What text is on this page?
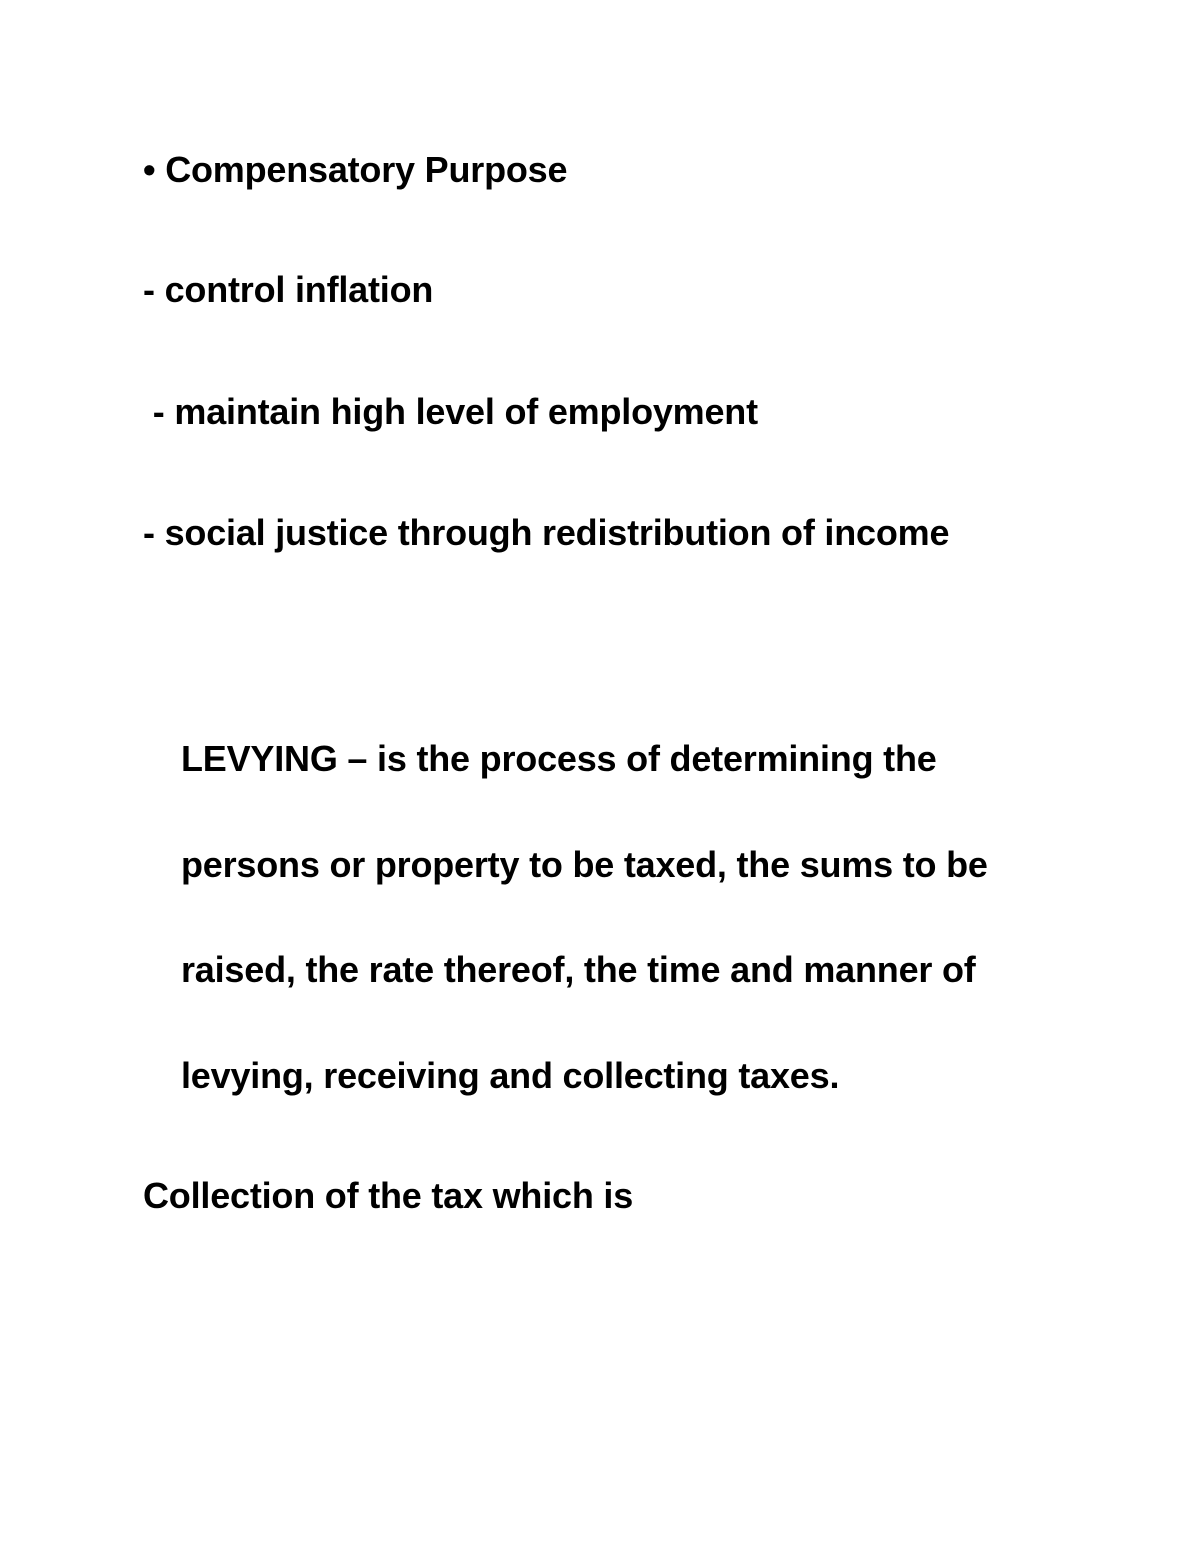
• Compensatory Purpose
- control inflation
- maintain high level of employment
- social justice through redistribution of income
LEVYING – is the process of determining the
persons or property to be taxed, the sums to be
raised, the rate thereof, the time and manner of
levying, receiving and collecting taxes.
Collection of the tax which is
